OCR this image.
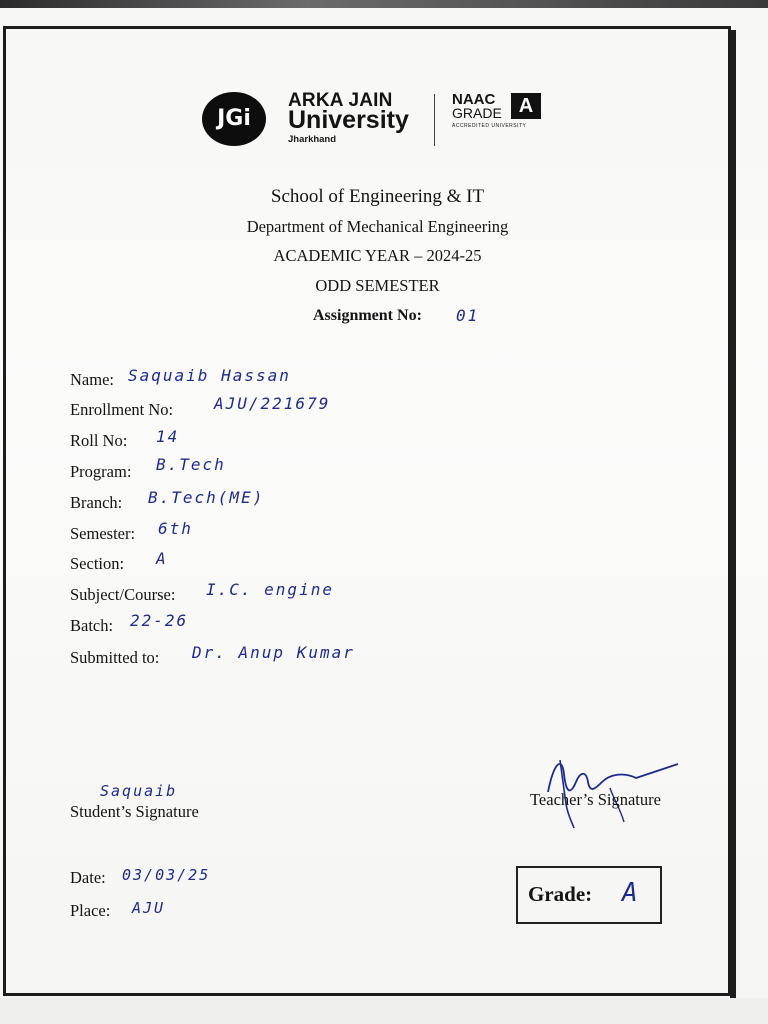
JGi
ARKA JAIN
University
Jharkhand
NAAC
GRADE A
ACCREDITED UNIVERSITY
School of Engineering & IT
Department of Mechanical Engineering
ACADEMIC YEAR – 2024-25
ODD SEMESTER
Assignment No: 01
Name: Saquaib Hassan
Enrollment No:	AJU/221679
Roll No: 14
Program: B.Tech
Branch: B.Tech(ME)
Semester: 6th
Section: A
Subject/Course: I.C. engine
Batch: 22-26
Submitted to: Dr. Anup Kumar
Saquaib
Student’s Signature
Teacher’s Signature
Date: 03/03/25
Place: AJU
Grade: A
